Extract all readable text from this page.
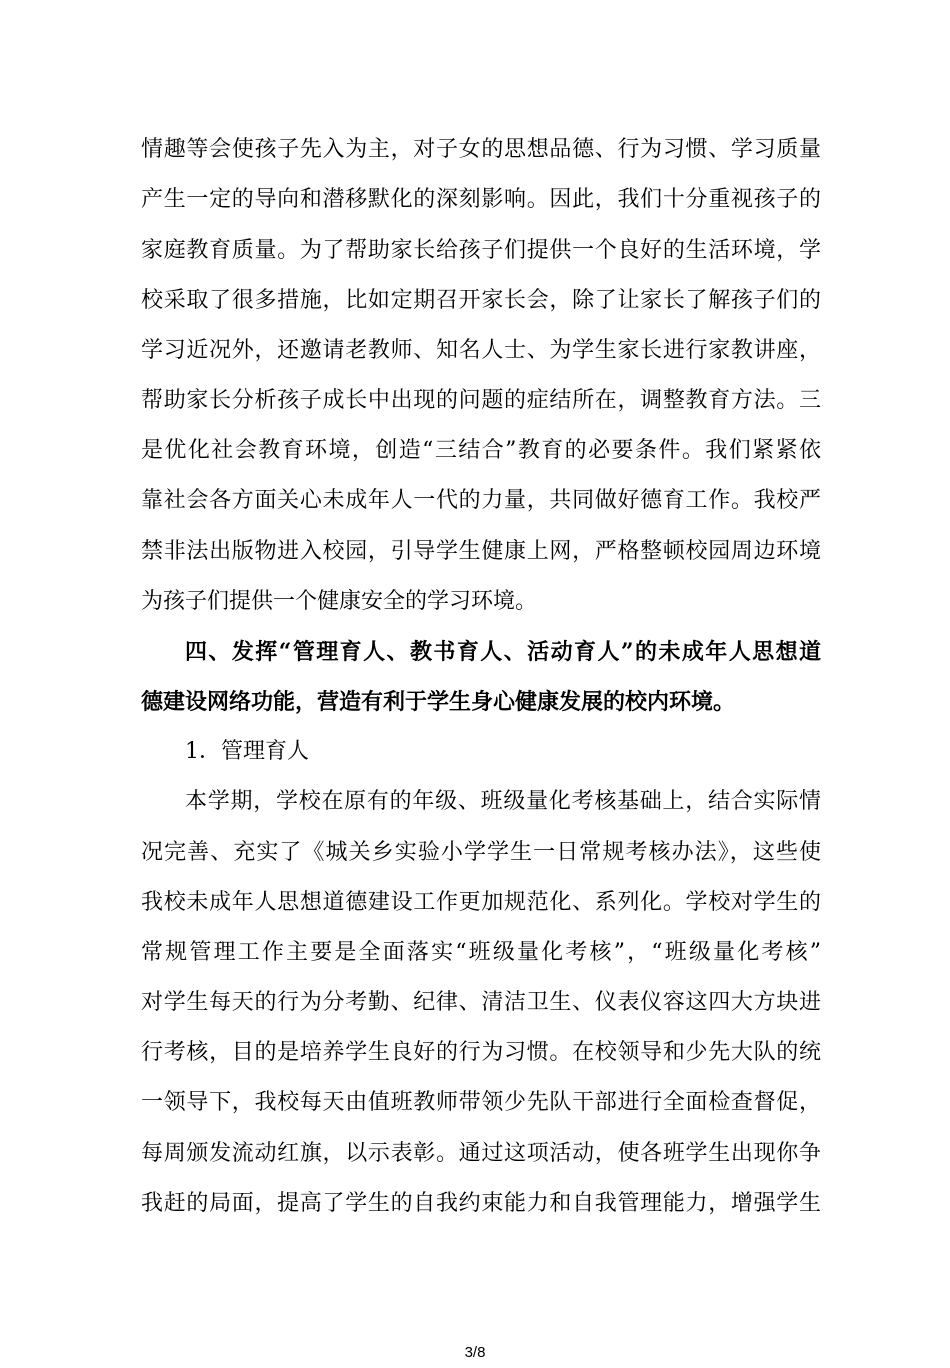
情趣等会使孩子先入为主，对子女的思想品德、行为习惯、学习质量
产生一定的导向和潜移默化的深刻影响。因此，我们十分重视孩子的
家庭教育质量。为了帮助家长给孩子们提供一个良好的生活环境，学
校采取了很多措施，比如定期召开家长会，除了让家长了解孩子们的
学习近况外，还邀请老教师、知名人士、为学生家长进行家教讲座，
帮助家长分析孩子成长中出现的问题的症结所在，调整教育方法。三
是优化社会教育环境，创造“三结合”教育的必要条件。我们紧紧依
靠社会各方面关心未成年人一代的力量，共同做好德育工作。我校严
禁非法出版物进入校园，引导学生健康上网，严格整顿校园周边环境
为孩子们提供一个健康安全的学习环境。
四、发挥“管理育人、教书育人、活动育人”的未成年人思想道
德建设网络功能，营造有利于学生身心健康发展的校内环境。
1．管理育人
本学期，学校在原有的年级、班级量化考核基础上，结合实际情
况完善、充实了《城关乡实验小学学生一日常规考核办法》，这些使
我校未成年人思想道德建设工作更加规范化、系列化。学校对学生的
常规管理工作主要是全面落实“班级量化考核”，“班级量化考核”
对学生每天的行为分考勤、纪律、清洁卫生、仪表仪容这四大方块进
行考核，目的是培养学生良好的行为习惯。在校领导和少先大队的统
一领导下，我校每天由值班教师带领少先队干部进行全面检查督促，
每周颁发流动红旗，以示表彰。通过这项活动，使各班学生出现你争
我赶的局面，提高了学生的自我约束能力和自我管理能力，增强学生
3/8
